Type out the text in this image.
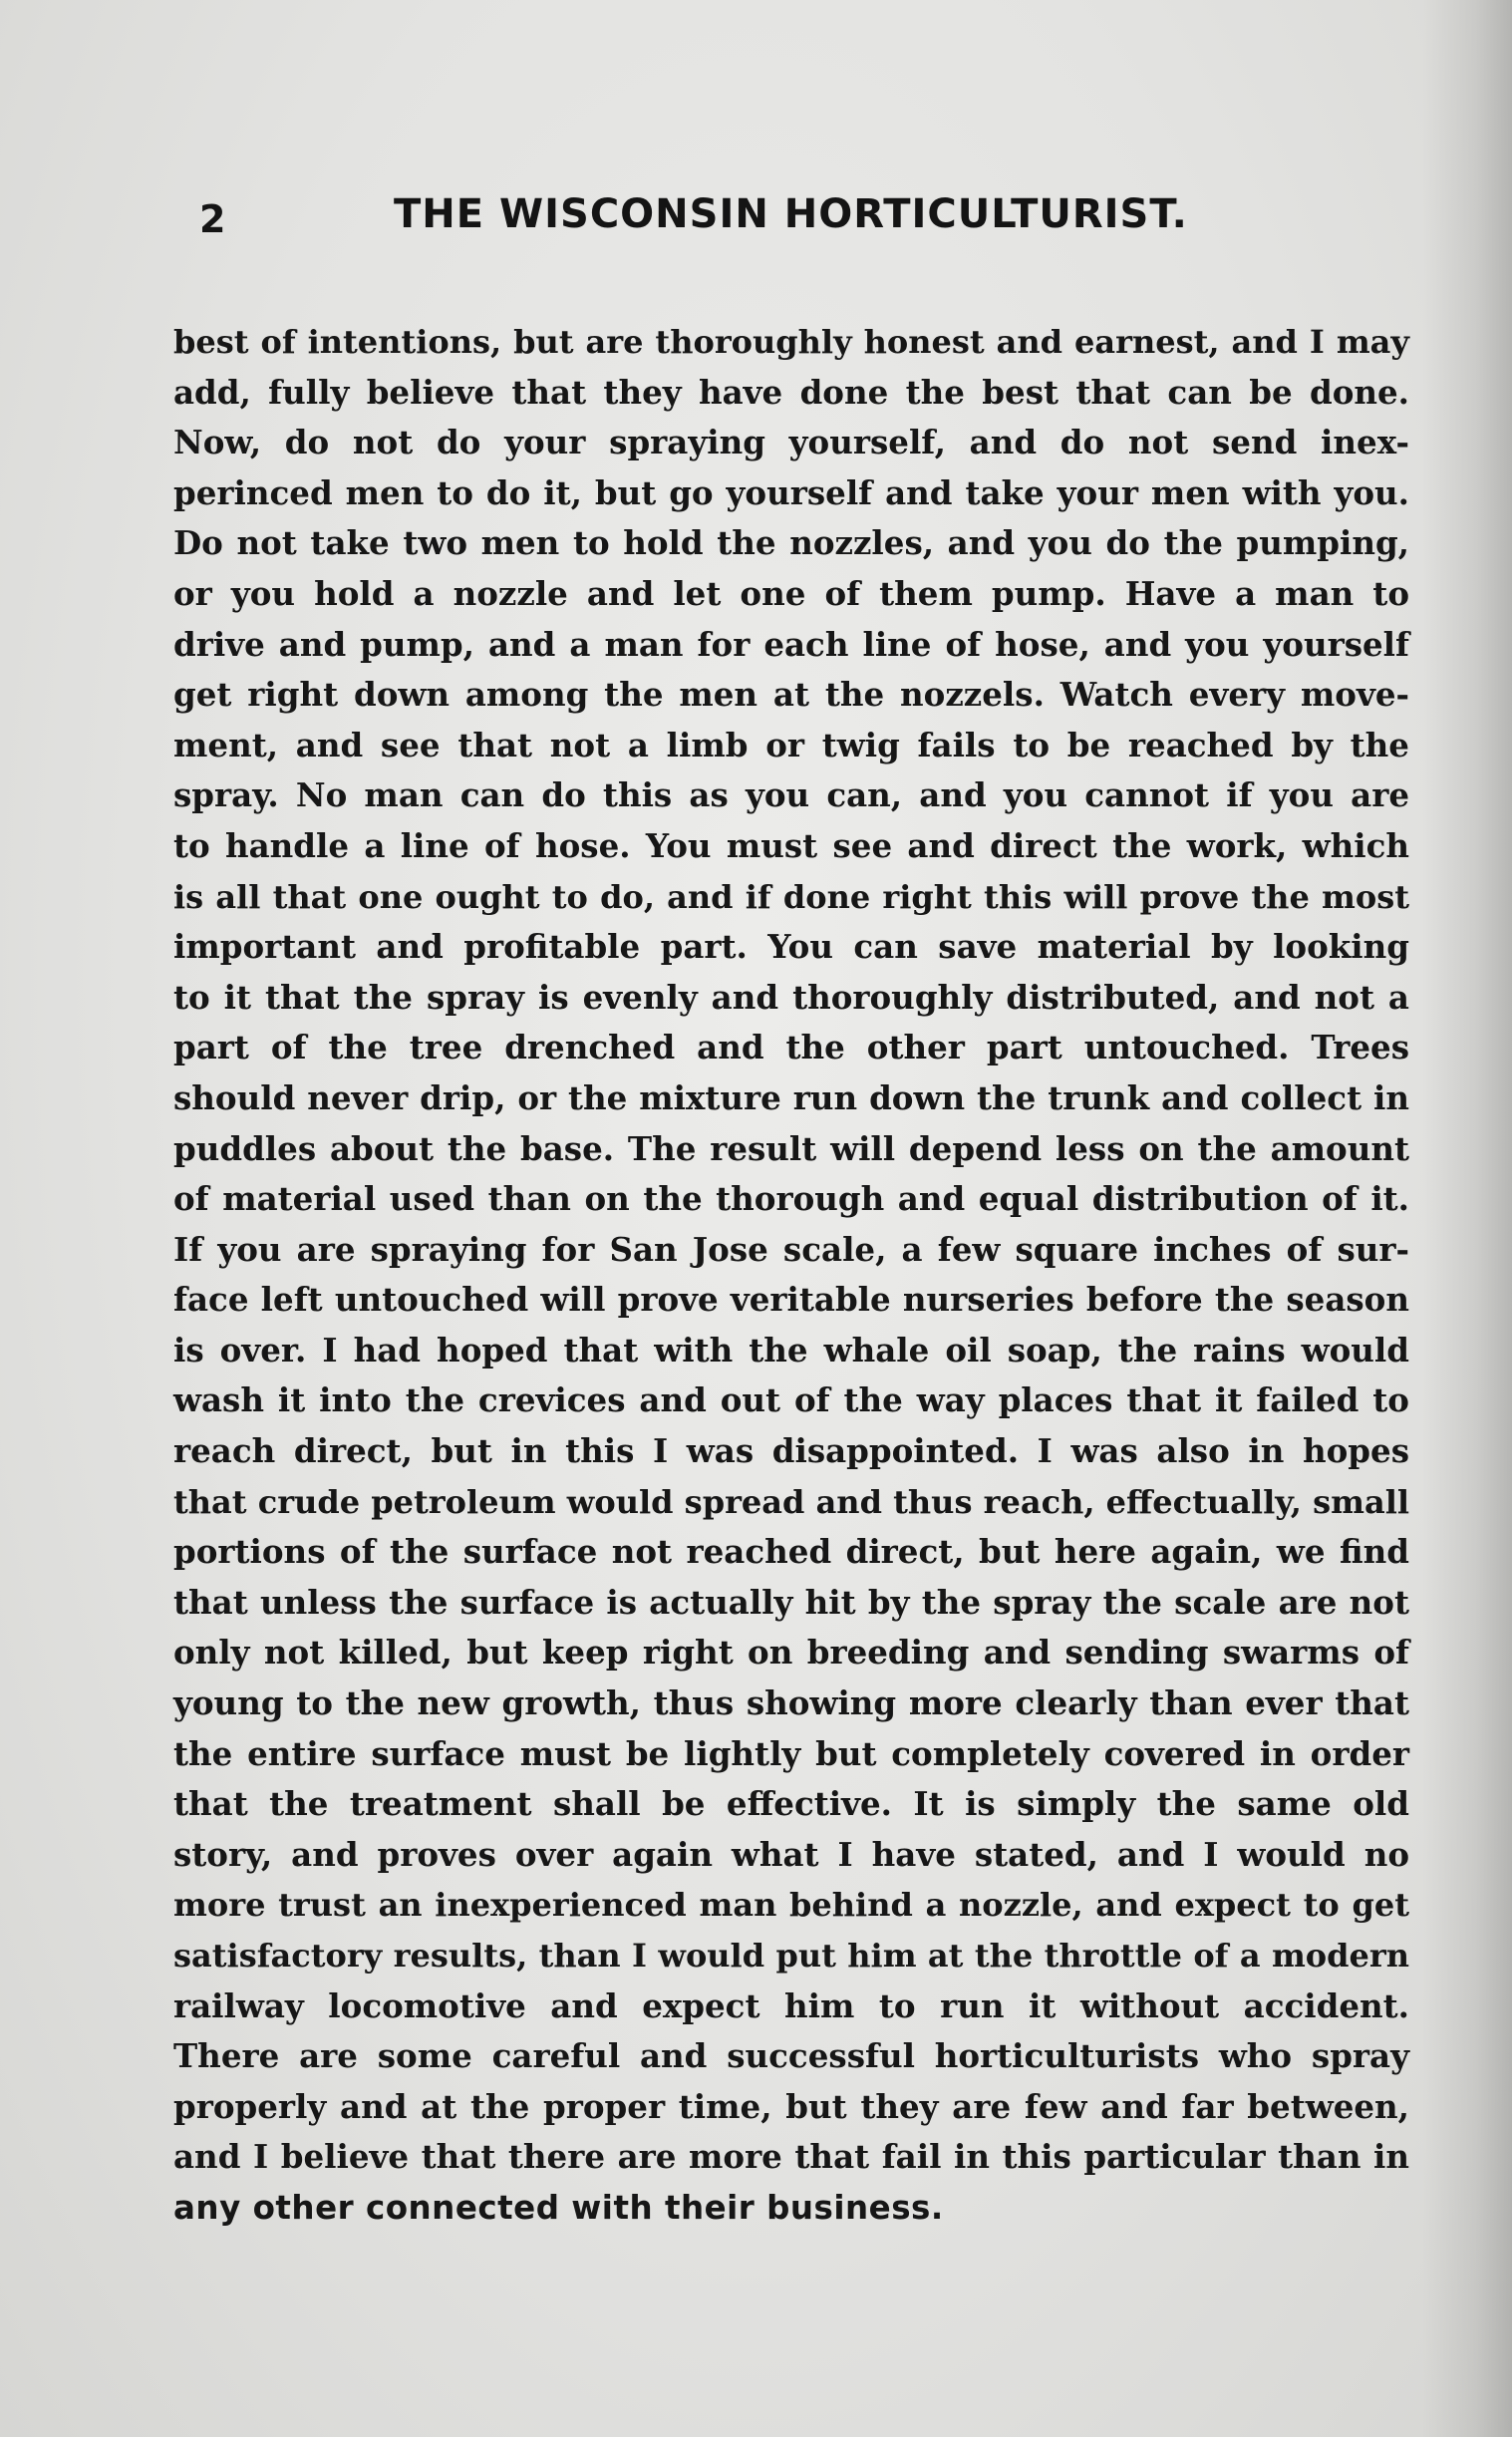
2	THE WISCONSIN HORTICULTURIST.
best of intentions, but are thoroughly honest and earnest, and I may
add, fully believe that they have done the best that can be done.
Now, do not do your spraying yourself, and do not send inex-
perinced men to do it, but go yourself and take your men with you.
Do not take two men to hold the nozzles, and you do the pumping,
or you hold a nozzle and let one of them pump. Have a man to
drive and pump, and a man for each line of hose, and you yourself
get right down among the men at the nozzels. Watch every move-
ment, and see that not a limb or twig fails to be reached by the
spray. No man can do this as you can, and you cannot if you are
to handle a line of hose. You must see and direct the work, which
is all that one ought to do, and if done right this will prove the most
important and profitable part. You can save material by looking
to it that the spray is evenly and thoroughly distributed, and not a
part of the tree drenched and the other part untouched. Trees
should never drip, or the mixture run down the trunk and collect in
puddles about the base. The result will depend less on the amount
of material used than on the thorough and equal distribution of it.
If you are spraying for San Jose scale, a few square inches of sur-
face left untouched will prove veritable nurseries before the season
is over. I had hoped that with the whale oil soap, the rains would
wash it into the crevices and out of the way places that it failed to
reach direct, but in this I was disappointed. I was also in hopes
that crude petroleum would spread and thus reach, effectually, small
portions of the surface not reached direct, but here again, we find
that unless the surface is actually hit by the spray the scale are not
only not killed, but keep right on breeding and sending swarms of
young to the new growth, thus showing more clearly than ever that
the entire surface must be lightly but completely covered in order
that the treatment shall be effective. It is simply the same old
story, and proves over again what I have stated, and I would no
more trust an inexperienced man behind a nozzle, and expect to get
satisfactory results, than I would put him at the throttle of a modern
railway locomotive and expect him to run it without accident.
There are some careful and successful horticulturists who spray
properly and at the proper time, but they are few and far between,
and I believe that there are more that fail in this particular than in
any other connected with their business.
